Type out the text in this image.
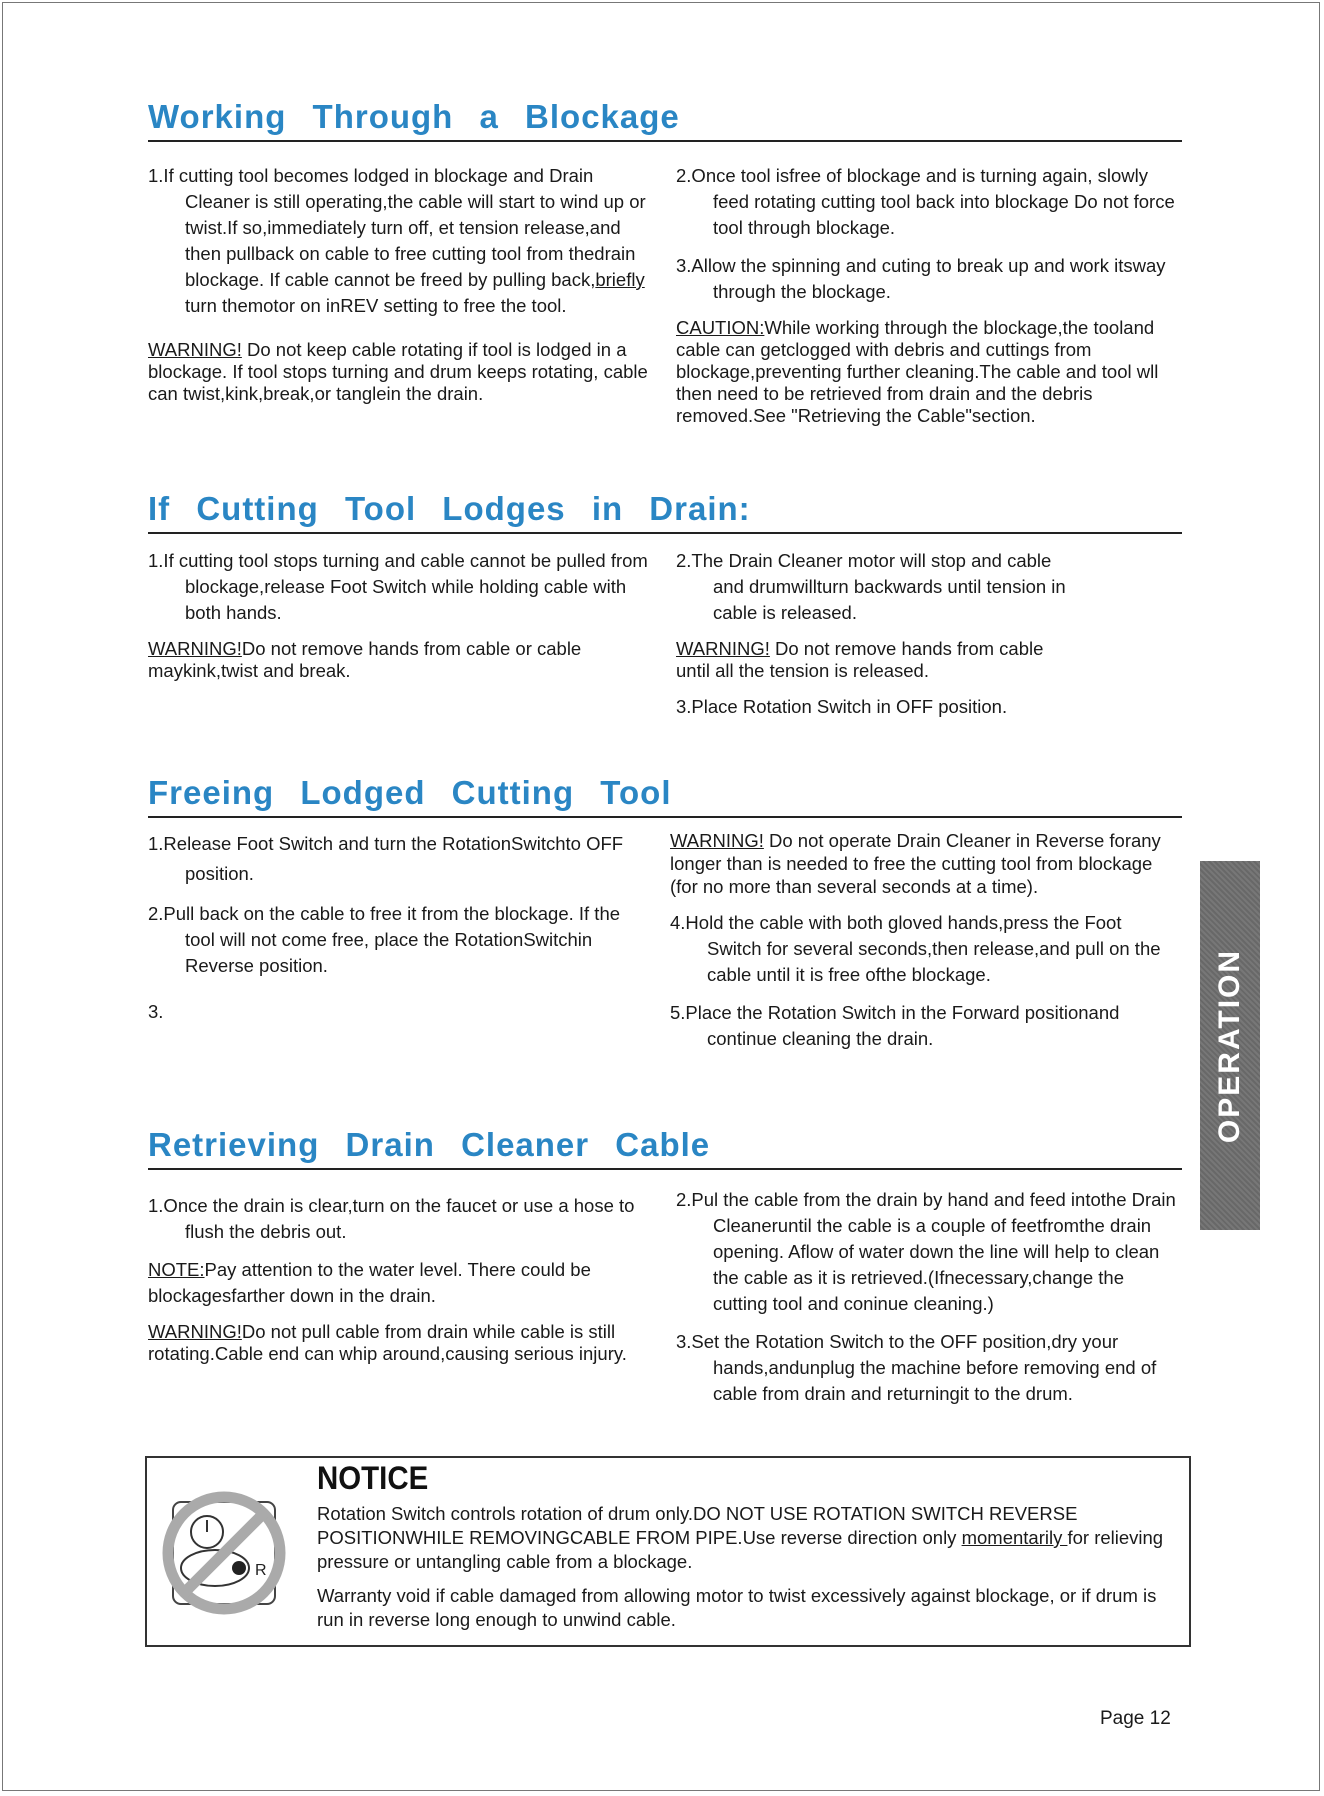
Working Through a Blockage

1.If cutting tool becomes lodged in blockage and Drain Cleaner is still operating,the cable will start to wind up or twist.If so,immediately turn off, et tension release,and then pullback on cable to free cutting tool from thedrain blockage. If cable cannot be freed by pulling back,briefly turn themotor on inREV setting to free the tool.

WARNING! Do not keep cable rotating if tool is lodged in a blockage. If tool stops turning and drum keeps rotating, cable can twist,kink,break,or tanglein the drain.

2.Once tool isfree of blockage and is turning again, slowly feed rotating cutting tool back into blockage Do not force tool through blockage.

3.Allow the spinning and cuting to break up and work itsway through the blockage.

CAUTION:While working through the blockage,the tooland cable can getclogged with debris and cuttings from blockage,preventing further cleaning.The cable and tool wll then need to be retrieved from drain and the debris removed.See "Retrieving the Cable"section.

If Cutting Tool Lodges in Drain:

1.If cutting tool stops turning and cable cannot be pulled from blockage,release Foot Switch while holding cable with both hands.

WARNING!Do not remove hands from cable or cable maykink,twist and break.

2.The Drain Cleaner motor will stop and cable and drumwillturn backwards until tension in cable is released.

WARNING! Do not remove hands from cable until all the tension is released.

3.Place Rotation Switch in OFF position.

Freeing Lodged Cutting Tool

1.Release Foot Switch and turn the RotationSwitchto OFF position.

2.Pull back on the cable to free it from the blockage. If the tool will not come free, place the RotationSwitchin Reverse position.

3.

WARNING! Do not operate Drain Cleaner in Reverse forany longer than is needed to free the cutting tool from blockage (for no more than several seconds at a time).

4.Hold the cable with both gloved hands,press the Foot Switch for several seconds,then release,and pull on the cable until it is free ofthe blockage.

5.Place the Rotation Switch in the Forward positionand continue cleaning the drain.

Retrieving Drain Cleaner Cable

1.Once the drain is clear,turn on the faucet or use a hose to flush the debris out.

NOTE:Pay attention to the water level. There could be blockagesfarther down in the drain.

WARNING!Do not pull cable from drain while cable is still rotating.Cable end can whip around,causing serious injury.

2.Pul the cable from the drain by hand and feed intothe Drain Cleaneruntil the cable is a couple of feetfromthe drain opening. Aflow of water down the line will help to clean the cable as it is retrieved.(Ifnecessary,change the cutting tool and coninue cleaning.)

3.Set the Rotation Switch to the OFF position,dry your hands,andunplug the machine before removing end of cable from drain and returningit to the drum.

OPERATION
R
NOTICE

Rotation Switch controls rotation of drum only.DO NOT USE ROTATION SWITCH REVERSE POSITIONWHILE REMOVINGCABLE FROM PIPE.Use reverse direction only momentarily for relieving pressure or untangling cable from a blockage.

Warranty void if cable damaged from allowing motor to twist excessively against blockage, or if drum is run in reverse long enough to unwind cable.

Page 12
